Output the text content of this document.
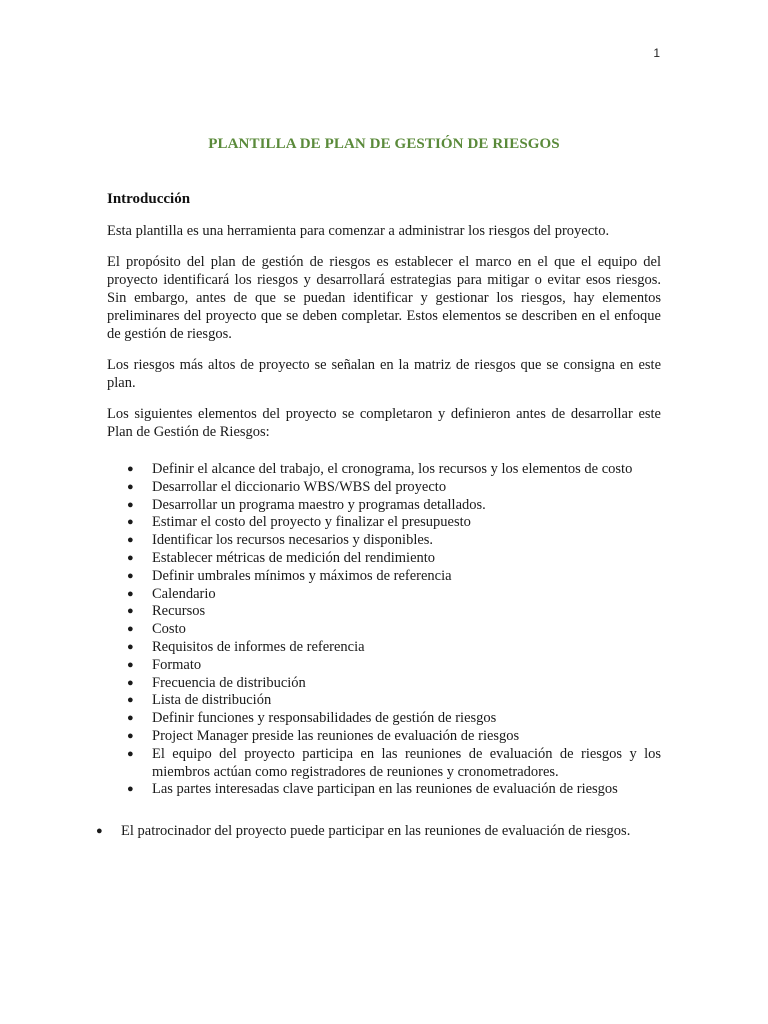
1
PLANTILLA DE PLAN DE GESTIÓN DE RIESGOS
Introducción

Esta plantilla es una herramienta para comenzar a administrar los riesgos del proyecto.

El propósito del plan de gestión de riesgos es establecer el marco en el que el equipo del proyecto identificará los riesgos y desarrollará estrategias para mitigar o evitar esos riesgos. Sin embargo, antes de que se puedan identificar y gestionar los riesgos, hay elementos preliminares del proyecto que se deben completar. Estos elementos se describen en el enfoque de gestión de riesgos.

Los riesgos más altos de proyecto se señalan en la matriz de riesgos que se consigna en este plan.

Los siguientes elementos del proyecto se completaron y definieron antes de desarrollar este Plan de Gestión de Riesgos:

● Definir el alcance del trabajo, el cronograma, los recursos y los elementos de costo
● Desarrollar el diccionario WBS/WBS del proyecto
● Desarrollar un programa maestro y programas detallados.
● Estimar el costo del proyecto y finalizar el presupuesto
● Identificar los recursos necesarios y disponibles.
● Establecer métricas de medición del rendimiento
● Definir umbrales mínimos y máximos de referencia
● Calendario
● Recursos
● Costo
● Requisitos de informes de referencia
● Formato
● Frecuencia de distribución
● Lista de distribución
● Definir funciones y responsabilidades de gestión de riesgos
● Project Manager preside las reuniones de evaluación de riesgos
● El equipo del proyecto participa en las reuniones de evaluación de riesgos y los miembros actúan como registradores de reuniones y cronometradores.
● Las partes interesadas clave participan en las reuniones de evaluación de riesgos
●	El patrocinador del proyecto puede participar en las reuniones de evaluación de riesgos.
